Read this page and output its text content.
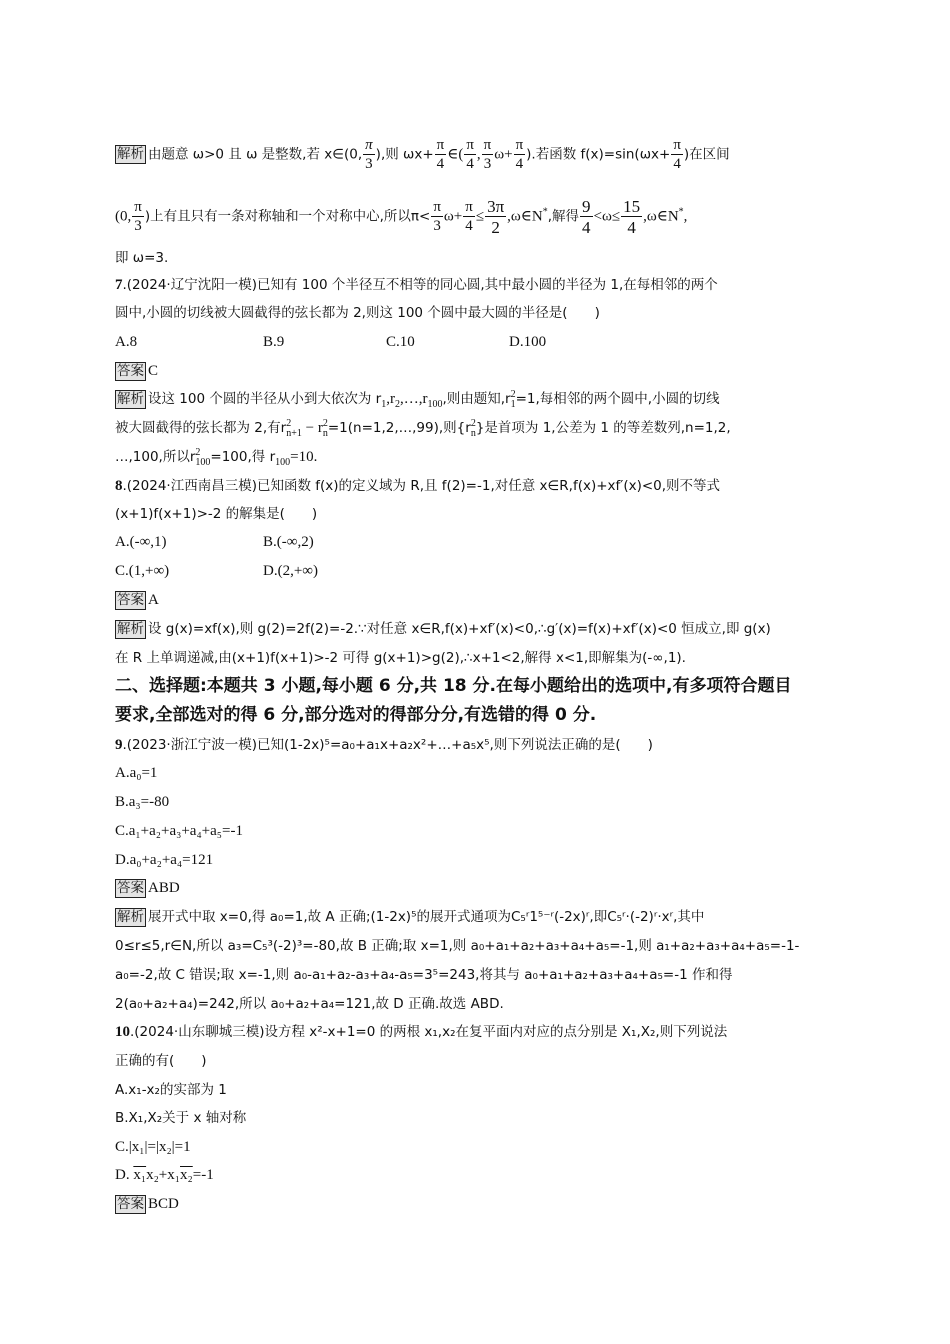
解析 由题意 ω>0 且 ω 是整数,若 x∈(0, $\frac{\pi}{3}$ ),则 $\omega x+ \frac{\pi}{4}$ ∈( $\frac{\pi}{4}$ , $\frac{\pi}{3} \omega+ \frac{\pi}{4}$ ).若函数 $f(x)=\sin(\omega x+ \frac{\pi}{4}$ )在区间
(0, $\frac{\pi}{3}$ )上有且只有一条对称轴和一个对称中心,所以$\pi< \frac{\pi}{3} \omega+ \frac{\pi}{4} \le \frac{3\pi}{2}$ ,ω∈N*,解得 $\frac{9}{4} <\omega\le \frac{15}{4}$ ,ω∈N*,
即 ω=3.
7.(2024·辽宁沈阳一模)已知有 100 个半径互不相等的同心圆,其中最小圆的半径为 1,在每相邻的两个
圆中,小圆的切线被大圆截得的弦长都为 2,则这 100 个圆中最大圆的半径是(　　)
A.8	B.9	C.10	D.100
答案 C
解析 设这 100 个圆的半径从小到大依次为 $r_1,r_2,\dots,r_{100}$,则由题知,r 2
1 =1,每相邻的两个圆中,小圆的切线
被大圆截得的弦长都为 2,有r 2
n+1 − r 2
n =1(n=1,2,…,99),则{r 2
n }是首项为 1,公差为 1 的等差数列,n=1,2,
…,100,所以r 2
100 =100,得 $r_{100}=10$.
8.(2024·江西南昌三模)已知函数 f(x)的定义域为 R,且 f(2)=-1,对任意 x∈R,f(x)+xf′(x)<0,则不等式
(x+1)f(x+1)>-2 的解集是(　　)
A.(-∞,1)	B.(-∞,2)
C.(1,+∞)	D.(2,+∞)
答案 A
解析 设 g(x)=xf(x),则 g(2)=2f(2)=-2.∵对任意 x∈R,f(x)+xf′(x)<0,∴g′(x)=f(x)+xf′(x)<0 恒成立,即 g(x)
在 R 上单调递减,由(x+1)f(x+1)>-2 可得 g(x+1)>g(2),∴x+1<2,解得 x<1,即解集为(-∞,1).
二、选择题:本题共 3 小题,每小题 6 分,共 18 分.在每小题给出的选项中,有多项符合题目
要求,全部选对的得 6 分,部分选对的得部分分,有选错的得 0 分.
9.(2023·浙江宁波一模)已知(1-2x)⁵=a₀+a₁x+a₂x²+…+a₅x⁵,则下列说法正确的是(　　)
A.a₀=1
B.a₃=-80
C.a₁+a₂+a₃+a₄+a₅=-1
D.a₀+a₂+a₄=121
答案 ABD
解析 展开式中取 x=0,得 a₀=1,故 A 正确;(1-2x)⁵的展开式通项为C₅ʳ1⁵⁻ʳ(-2x)ʳ,即C₅ʳ·(-2)ʳ·xʳ,其中
0≤r≤5,r∈N,所以 a₃=C₅³(-2)³=-80,故 B 正确;取 x=1,则 a₀+a₁+a₂+a₃+a₄+a₅=-1,则 a₁+a₂+a₃+a₄+a₅=-1-
a₀=-2,故 C 错误;取 x=-1,则 a₀-a₁+a₂-a₃+a₄-a₅=3⁵=243,将其与 a₀+a₁+a₂+a₃+a₄+a₅=-1 作和得
2(a₀+a₂+a₄)=242,所以 a₀+a₂+a₄=121,故 D 正确.故选 ABD.
10.(2024·山东聊城三模)设方程 x²-x+1=0 的两根 x₁,x₂在复平面内对应的点分别是 X₁,X₂,则下列说法
正确的有(　　)
A.x₁-x₂的实部为 1
B.X₁,X₂关于 x 轴对称
C.|x₁|=|x₂|=1
D. x₁x₂+x₁x₂=-1
答案 BCD
